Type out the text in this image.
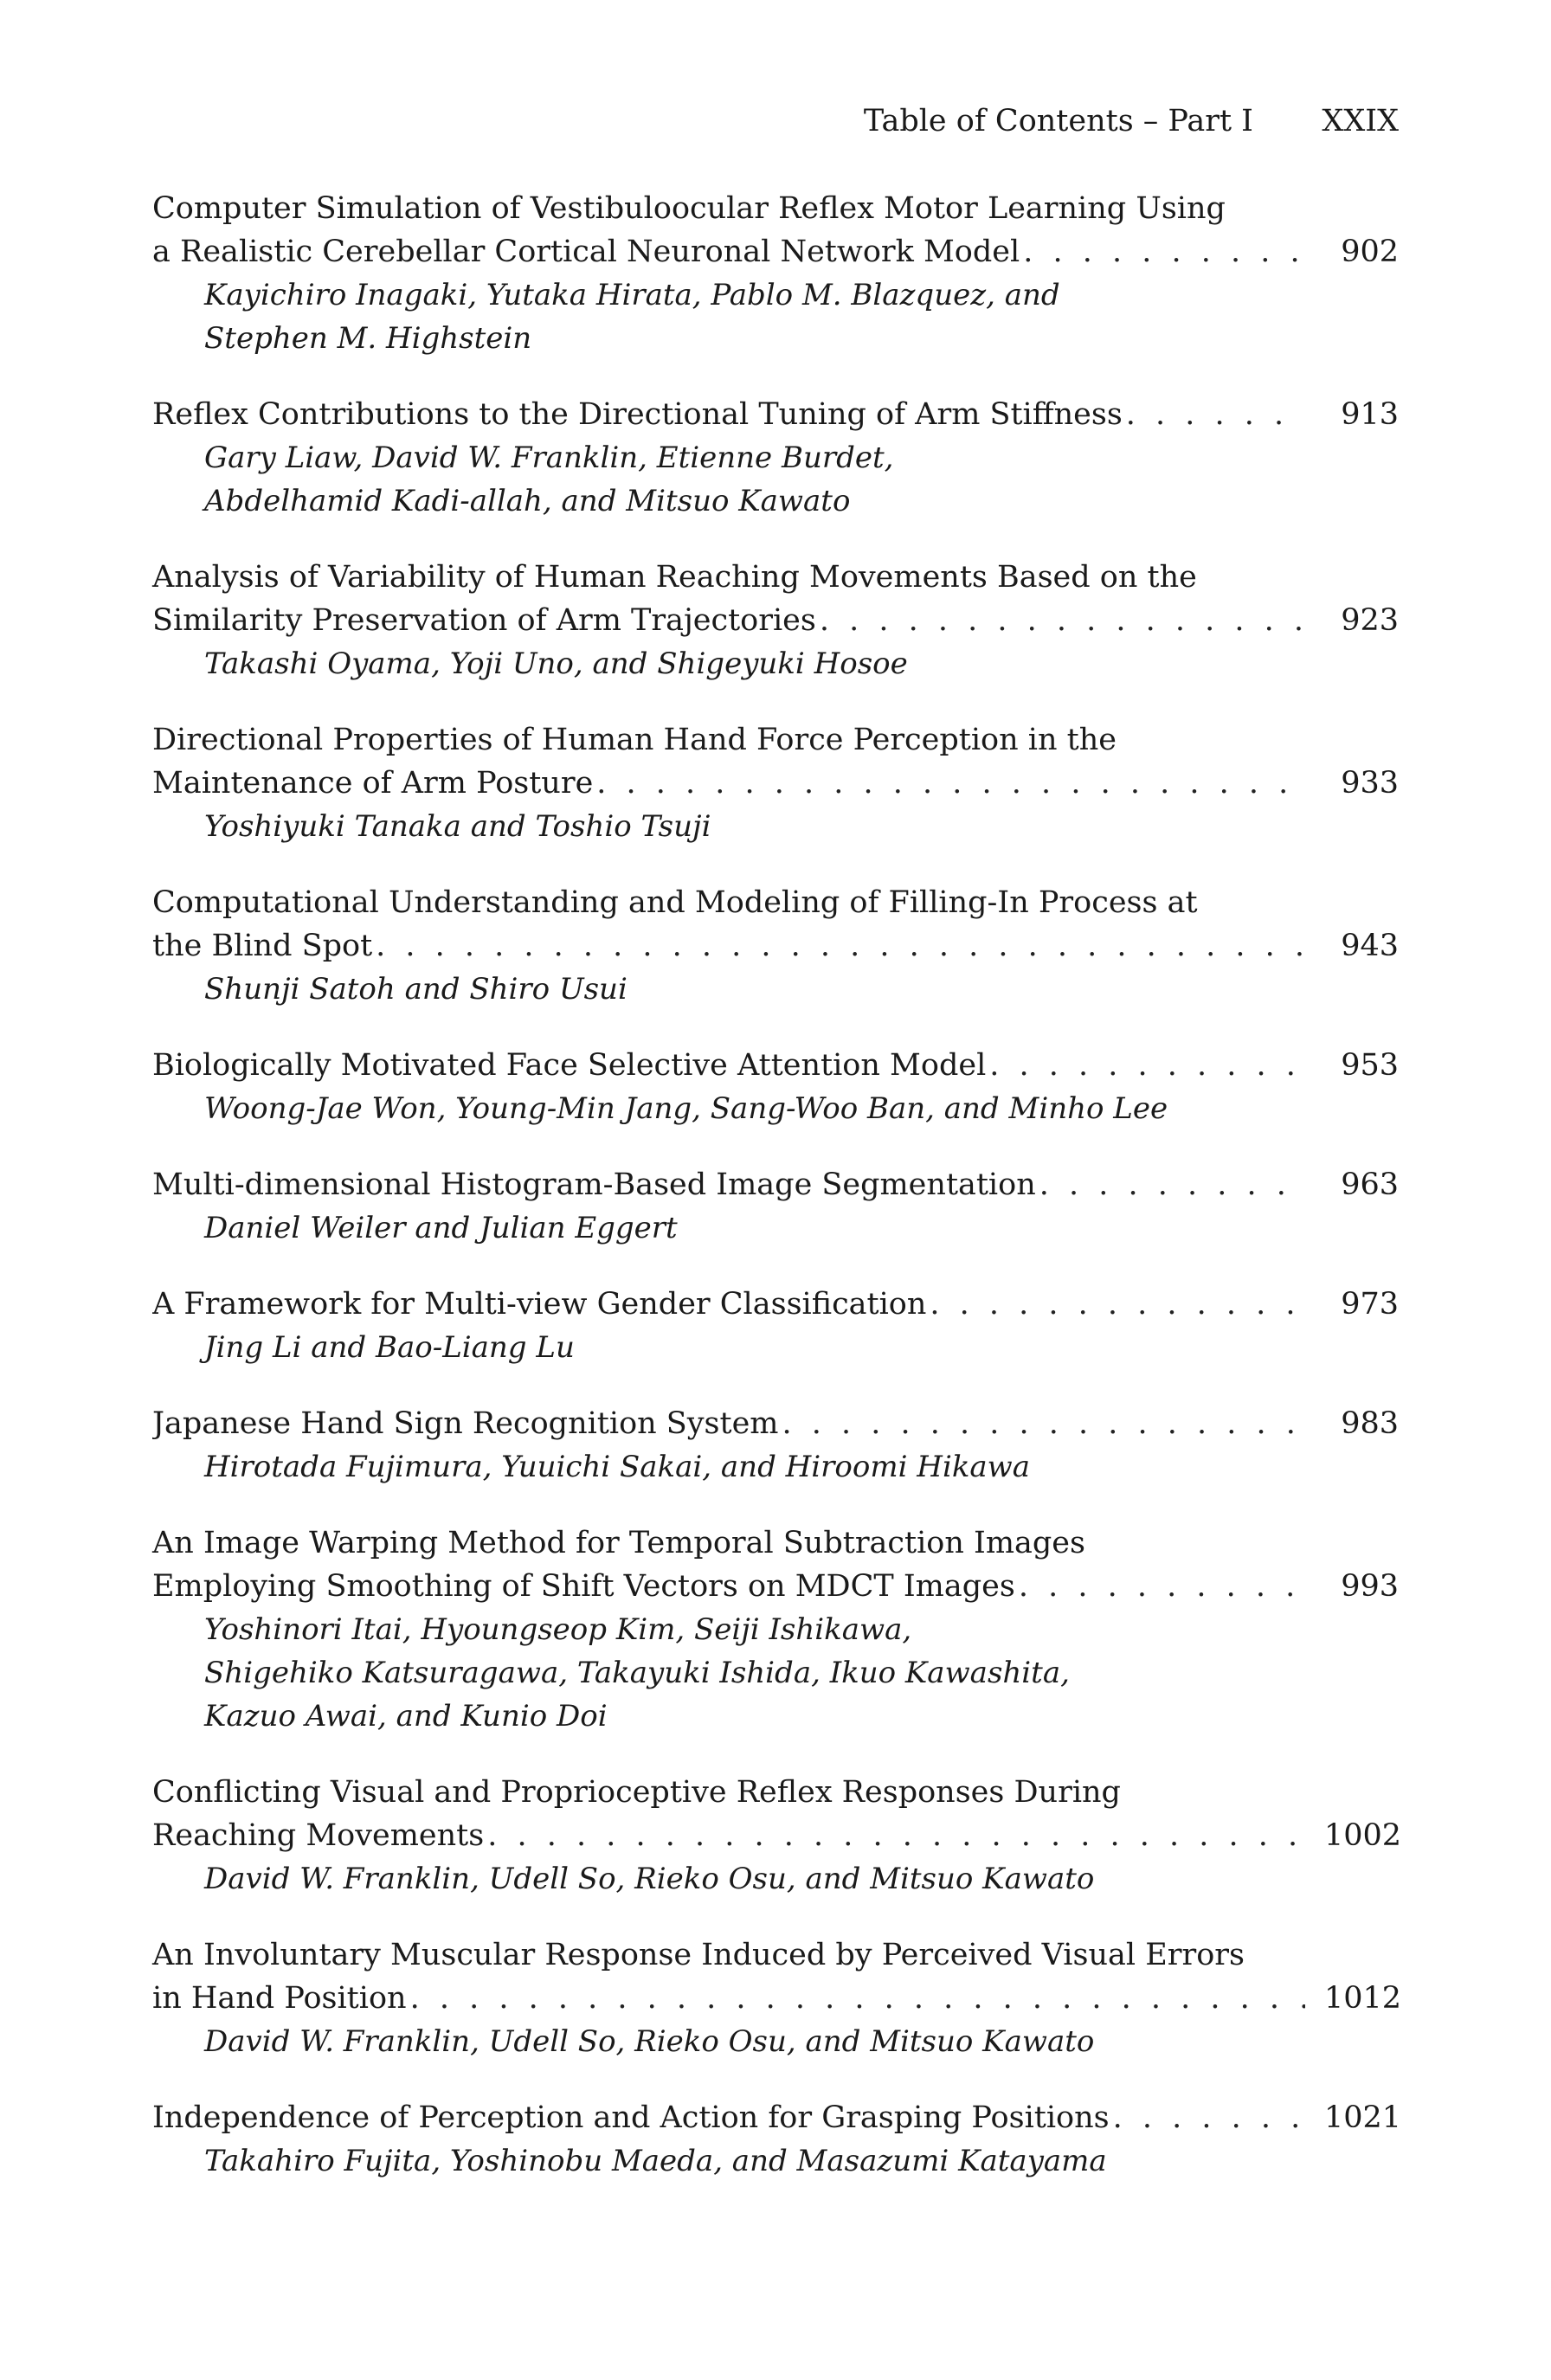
Table of Contents – Part I XXIX
Computer Simulation of Vestibuloocular Reflex Motor Learning Using
a Realistic Cerebellar Cortical Neuronal Network Model . . .	902
Kayichiro Inagaki, Yutaka Hirata, Pablo M. Blazquez, and
Stephen M. Highstein
Reflex Contributions to the Directional Tuning of Arm Stiffness . . .	913
Gary Liaw, David W. Franklin, Etienne Burdet,
Abdelhamid Kadi-allah, and Mitsuo Kawato
Analysis of Variability of Human Reaching Movements Based on the
Similarity Preservation of Arm Trajectories . . .	923
Takashi Oyama, Yoji Uno, and Shigeyuki Hosoe
Directional Properties of Human Hand Force Perception in the
Maintenance of Arm Posture . . .	933
Yoshiyuki Tanaka and Toshio Tsuji
Computational Understanding and Modeling of Filling-In Process at
the Blind Spot . . .	943
Shunji Satoh and Shiro Usui
Biologically Motivated Face Selective Attention Model . . .	953
Woong-Jae Won, Young-Min Jang, Sang-Woo Ban, and Minho Lee
Multi-dimensional Histogram-Based Image Segmentation . . .	963
Daniel Weiler and Julian Eggert
A Framework for Multi-view Gender Classification . . .	973
Jing Li and Bao-Liang Lu
Japanese Hand Sign Recognition System . . .	983
Hirotada Fujimura, Yuuichi Sakai, and Hiroomi Hikawa
An Image Warping Method for Temporal Subtraction Images
Employing Smoothing of Shift Vectors on MDCT Images . . .	993
Yoshinori Itai, Hyoungseop Kim, Seiji Ishikawa,
Shigehiko Katsuragawa, Takayuki Ishida, Ikuo Kawashita,
Kazuo Awai, and Kunio Doi
Conflicting Visual and Proprioceptive Reflex Responses During
Reaching Movements . . .	1002
David W. Franklin, Udell So, Rieko Osu, and Mitsuo Kawato
An Involuntary Muscular Response Induced by Perceived Visual Errors
in Hand Position . . .	1012
David W. Franklin, Udell So, Rieko Osu, and Mitsuo Kawato
Independence of Perception and Action for Grasping Positions . . .	1021
Takahiro Fujita, Yoshinobu Maeda, and Masazumi Katayama
